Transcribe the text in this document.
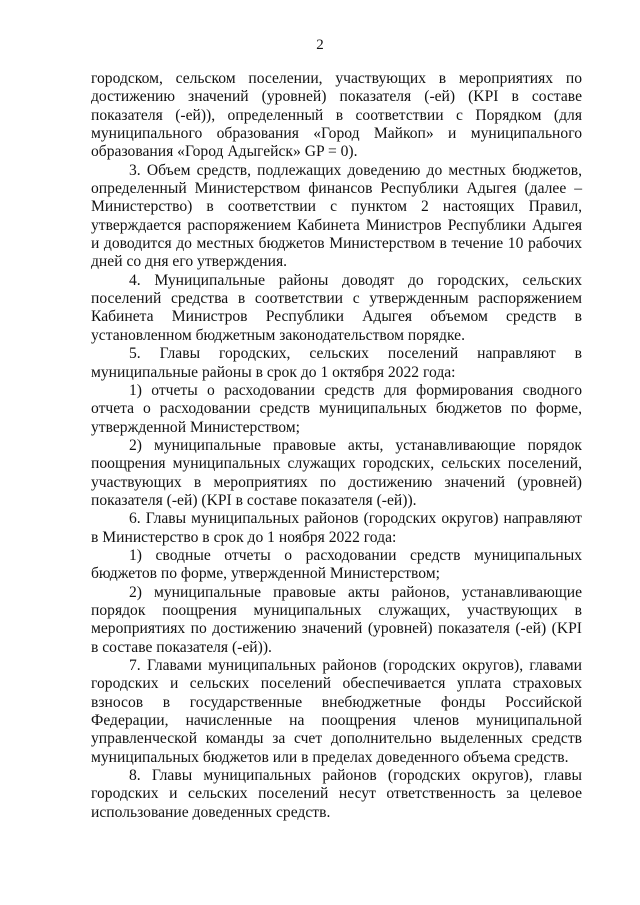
2

городском, сельском поселении, участвующих в мероприятиях по достижению значений (уровней) показателя (-ей) (KPI в составе показателя (-ей)), определенный в соответствии с Порядком (для муниципального образования «Город Майкоп» и муниципального образования «Город Адыгейск» GP = 0).

3. Объем средств, подлежащих доведению до местных бюджетов, определенный Министерством финансов Республики Адыгея (далее – Министерство) в соответствии с пунктом 2 настоящих Правил, утверждается распоряжением Кабинета Министров Республики Адыгея и доводится до местных бюджетов Министерством в течение 10 рабочих дней со дня его утверждения.

4. Муниципальные районы доводят до городских, сельских поселений средства в соответствии с утвержденным распоряжением Кабинета Министров Республики Адыгея объемом средств в установленном бюджетным законодательством порядке.

5. Главы городских, сельских поселений направляют в муниципальные районы в срок до 1 октября 2022 года:

1) отчеты о расходовании средств для формирования сводного отчета о расходовании средств муниципальных бюджетов по форме, утвержденной Министерством;

2) муниципальные правовые акты, устанавливающие порядок поощрения муниципальных служащих городских, сельских поселений, участвующих в мероприятиях по достижению значений (уровней) показателя (-ей) (KPI в составе показателя (-ей)).

6. Главы муниципальных районов (городских округов) направляют в Министерство в срок до 1 ноября 2022 года:

1) сводные отчеты о расходовании средств муниципальных бюджетов по форме, утвержденной Министерством;

2) муниципальные правовые акты районов, устанавливающие порядок поощрения муниципальных служащих, участвующих в мероприятиях по достижению значений (уровней) показателя (-ей) (KPI в составе показателя (-ей)).

7. Главами муниципальных районов (городских округов), главами городских и сельских поселений обеспечивается уплата страховых взносов в государственные внебюджетные фонды Российской Федерации, начисленные на поощрения членов муниципальной управленческой команды за счет дополнительно выделенных средств муниципальных бюджетов или в пределах доведенного объема средств.

8. Главы муниципальных районов (городских округов), главы городских и сельских поселений несут ответственность за целевое использование доведенных средств.
